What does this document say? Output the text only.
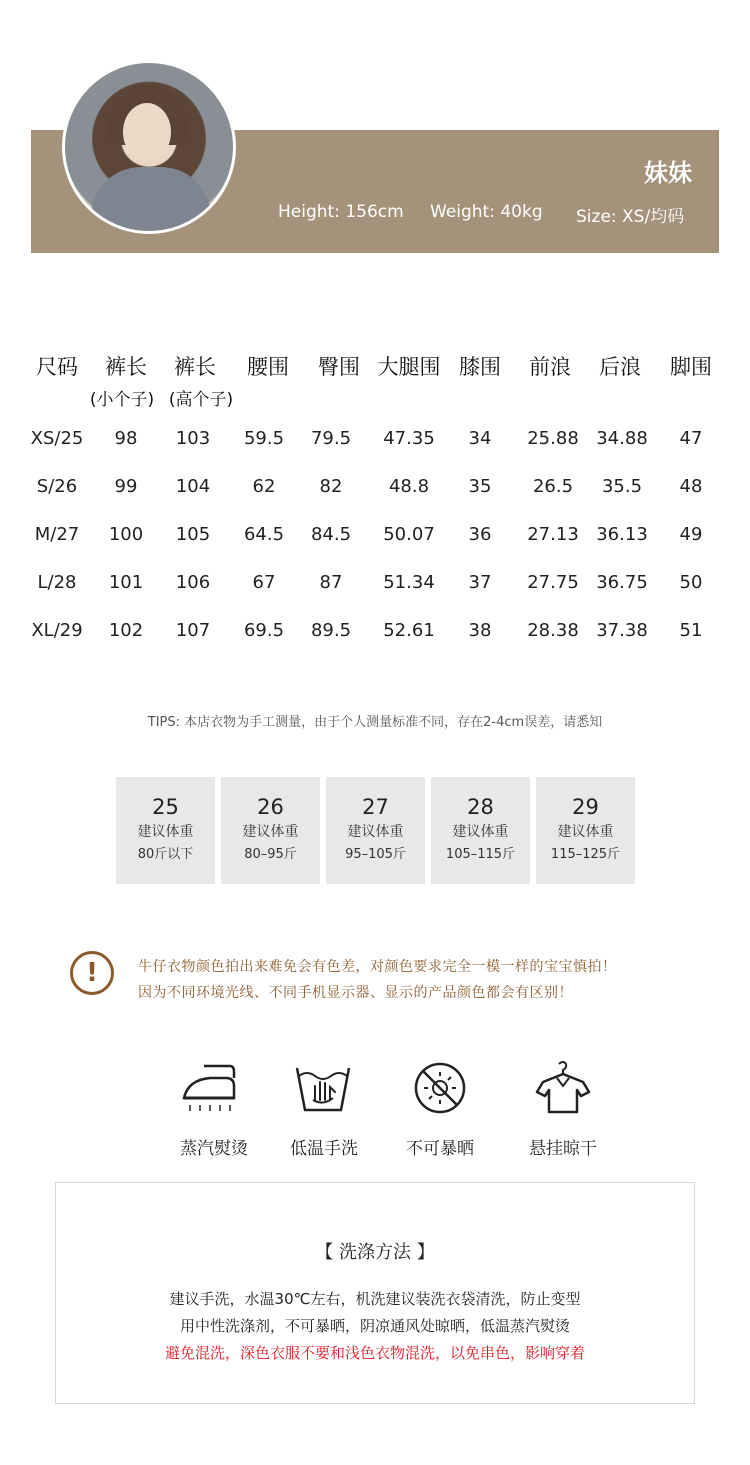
妹妹
Height: 156cm Weight: 40kg Size: XS/均码
尺码 裤长 裤长 腰围 臀围 大腿围 膝围 前浪 后浪 脚围
(小个子) (高个子)
XS/25 98 103 59.5 79.5 47.35 34 25.88 34.88 47
S/26 99 104 62 82	48.8 35 26.5 35.5 48
M/27 100 105 64.5 84.5 50.07 36 27.13 36.13 49
L/28 101 106 67 87 51.34 37 27.75 36.75 50
XL/29 102 107 69.5 89.5 52.61 38 28.38 37.38 51
TIPS: 本店衣物为手工测量，由于个人测量标准不同，存在2-4cm误差，请悉知
25
建议体重
80斤以下
26
建议体重
80–95斤
27
建议体重
95–105斤
28
建议体重
105–115斤
29
建议体重
115–125斤
!	牛仔衣物颜色拍出来难免会有色差，对颜色要求完全一模一样的宝宝慎拍！
因为不同环境光线、不同手机显示器、显示的产品颜色都会有区别！
蒸汽熨烫 低温手洗	不可暴晒	悬挂晾干
【 洗涤方法 】
建议手洗，水温30℃左右，机洗建议装洗衣袋清洗，防止变型
用中性洗涤剂，不可暴晒，阴凉通风处晾晒，低温蒸汽熨烫
避免混洗，深色衣服不要和浅色衣物混洗，以免串色，影响穿着
